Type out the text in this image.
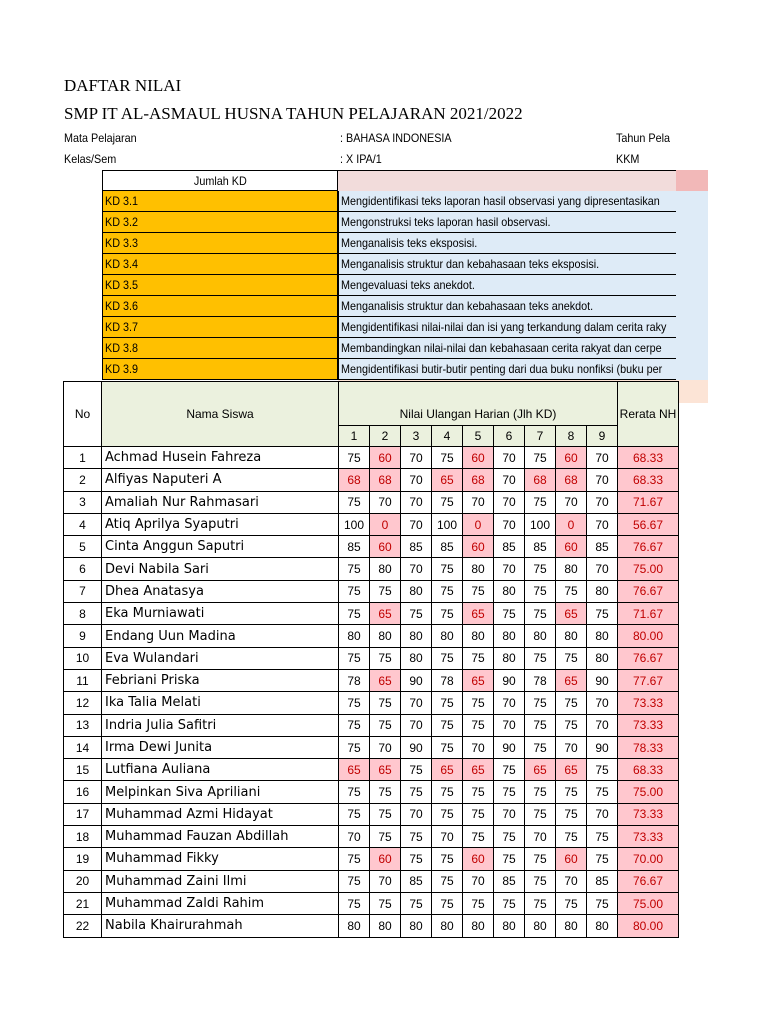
DAFTAR NILAI
SMP IT AL-ASMAUL HUSNA TAHUN PELAJARAN 2021/2022
Mata Pelajaran	: BAHASA INDONESIA	Tahun Pela
Kelas/Sem	: X IPA/1	KKM
Jumlah KD
KD 3.1	Mengidentifikasi teks laporan hasil observasi yang dipresentasikan
KD 3.2	Mengonstruksi teks laporan hasil observasi.
KD 3.3	Menganalisis teks eksposisi.
KD 3.4	Menganalisis struktur dan kebahasaan teks eksposisi.
KD 3.5	Mengevaluasi teks anekdot.
KD 3.6	Menganalisis struktur dan kebahasaan teks anekdot.
KD 3.7	Mengidentifikasi nilai-nilai dan isi yang terkandung dalam cerita raky
KD 3.8	Membandingkan nilai-nilai dan kebahasaan cerita rakyat dan cerpe
KD 3.9	Mengidentifikasi butir-butir penting dari dua buku nonfiksi (buku per
No	Nama Siswa	Nilai Ulangan Harian (Jlh KD)									Rerata NH
		1	2	3	4	5	6	7	8	9	
1	Achmad Husein Fahreza	75	60	70	75	60	70	75	60	70	68.33
2	Alfiyas Naputeri A	68	68	70	65	68	70	68	68	70	68.33
3	Amaliah Nur Rahmasari	75	70	70	75	70	70	75	70	70	71.67
4	Atiq Aprilya Syaputri	100	0	70	100	0	70	100	0	70	56.67
5	Cinta Anggun Saputri	85	60	85	85	60	85	85	60	85	76.67
6	Devi Nabila Sari	75	80	70	75	80	70	75	80	70	75.00
7	Dhea Anatasya	75	75	80	75	75	80	75	75	80	76.67
8	Eka Murniawati	75	65	75	75	65	75	75	65	75	71.67
9	Endang Uun Madina	80	80	80	80	80	80	80	80	80	80.00
10	Eva Wulandari	75	75	80	75	75	80	75	75	80	76.67
11	Febriani Priska	78	65	90	78	65	90	78	65	90	77.67
12	Ika Talia Melati	75	75	70	75	75	70	75	75	70	73.33
13	Indria Julia Safitri	75	75	70	75	75	70	75	75	70	73.33
14	Irma Dewi Junita	75	70	90	75	70	90	75	70	90	78.33
15	Lutfiana Auliana	65	65	75	65	65	75	65	65	75	68.33
16	Melpinkan Siva Apriliani	75	75	75	75	75	75	75	75	75	75.00
17	Muhammad Azmi Hidayat	75	75	70	75	75	70	75	75	70	73.33
18	Muhammad Fauzan Abdillah	70	75	75	70	75	75	70	75	75	73.33
19	Muhammad Fikky	75	60	75	75	60	75	75	60	75	70.00
20	Muhammad Zaini Ilmi	75	70	85	75	70	85	75	70	85	76.67
21	Muhammad Zaldi Rahim	75	75	75	75	75	75	75	75	75	75.00
22	Nabila Khairurahmah	80	80	80	80	80	80	80	80	80	80.00
